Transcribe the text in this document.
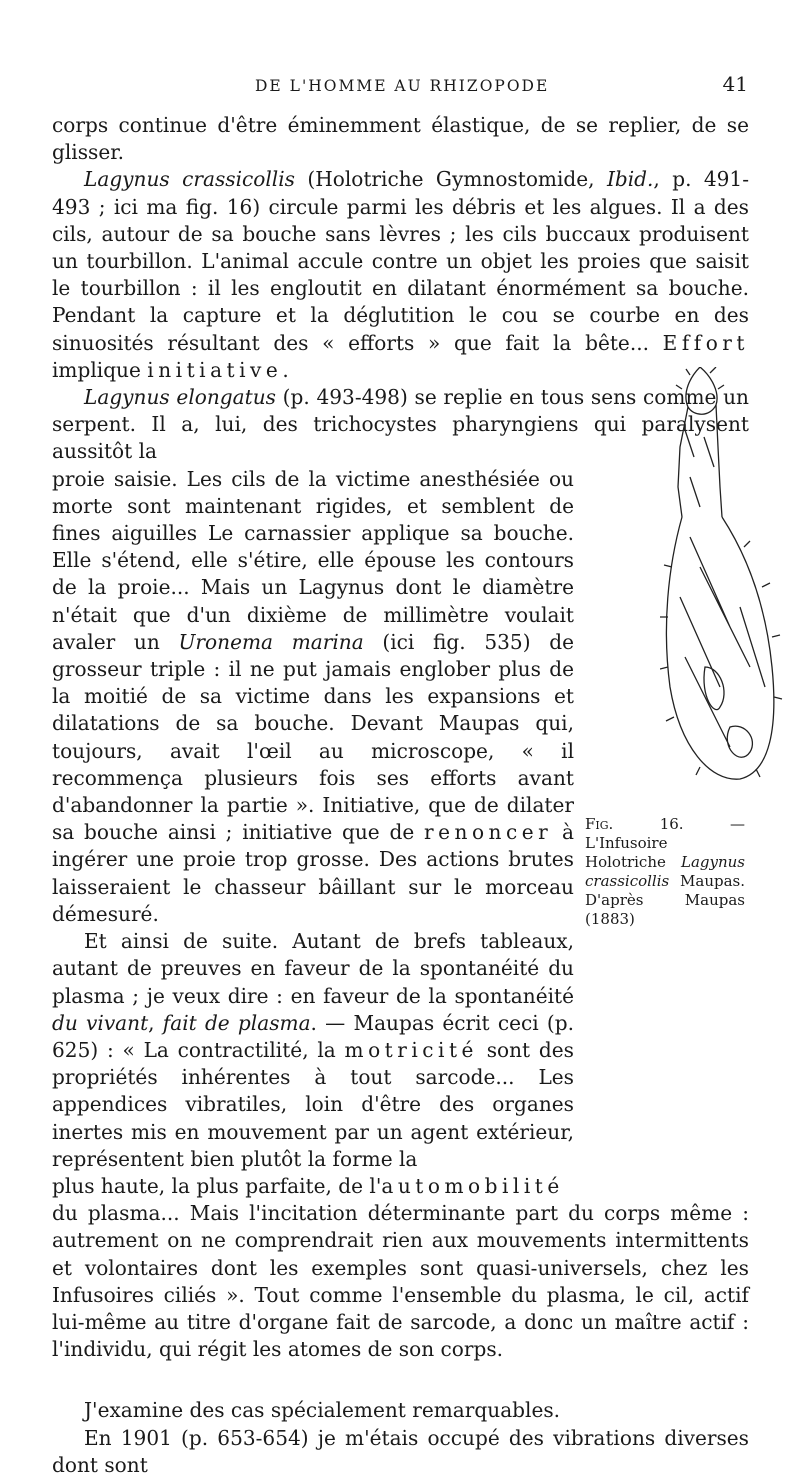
DE L'HOMME AU RHIZOPODE	41

corps continue d'être éminemment élastique, de se replier, de se glisser.

Lagynus crassicollis (Holotriche Gymnostomide, Ibid., p. 491-493 ; ici ma fig. 16) circule parmi les débris et les algues. Il a des cils, autour de sa bouche sans lèvres ; les cils buccaux produisent un tourbillon. L'animal accule contre un objet les proies que saisit le tourbillon : il les engloutit en dilatant énormément sa bouche. Pendant la capture et la déglutition le cou se courbe en des sinuosités résultant des « efforts » que fait la bête... Effort implique initiative.

Lagynus elongatus (p. 493-498) se replie en tous sens comme un serpent. Il a, lui, des trichocystes pharyngiens qui paralysent aussitôt la

proie saisie. Les cils de la victime anesthésiée ou morte sont maintenant rigides, et semblent de fines aiguilles Le carnassier applique sa bouche. Elle s'étend, elle s'étire, elle épouse les contours de la proie... Mais un Lagynus dont le diamètre n'était que d'un dixième de millimètre voulait avaler un Uronema marina (ici fig. 535) de grosseur triple : il ne put jamais englober plus de la moitié de sa victime dans les expansions et dilatations de sa bouche. Devant Maupas qui, toujours, avait l'œil au microscope, « il recommença plusieurs fois ses efforts avant d'abandonner la partie ». Initiative, que de dilater sa bouche ainsi ; initiative que de renoncer à ingérer une proie trop grosse. Des actions brutes laisseraient le chasseur bâillant sur le morceau démesuré.

Et ainsi de suite. Autant de brefs tableaux, autant de preuves en faveur de la spontanéité du plasma ; je veux dire : en faveur de la spontanéité du vivant, fait de plasma. — Maupas écrit ceci (p. 625) : « La contractilité, la motricité sont des propriétés inhérentes à tout sarcode... Les appendices vibratiles, loin d'être des organes inertes mis en mouvement par un agent extérieur, représentent bien plutôt la forme la

plus haute, la plus parfaite, de l'automobilité

du plasma... Mais l'incitation déterminante part du corps même : autrement on ne comprendrait rien aux mouvements intermittents et volontaires dont les exemples sont quasi-universels, chez les Infusoires ciliés ». Tout comme l'ensemble du plasma, le cil, actif lui-même au titre d'organe fait de sarcode, a donc un maître actif : l'individu, qui régit les atomes de son corps.

J'examine des cas spécialement remarquables.

En 1901 (p. 653-654) je m'étais occupé des vibrations diverses dont sont

Fig. 16. — L'Infusoire Holotriche Lagynus crassicollis Maupas. D'après Maupas (1883)
